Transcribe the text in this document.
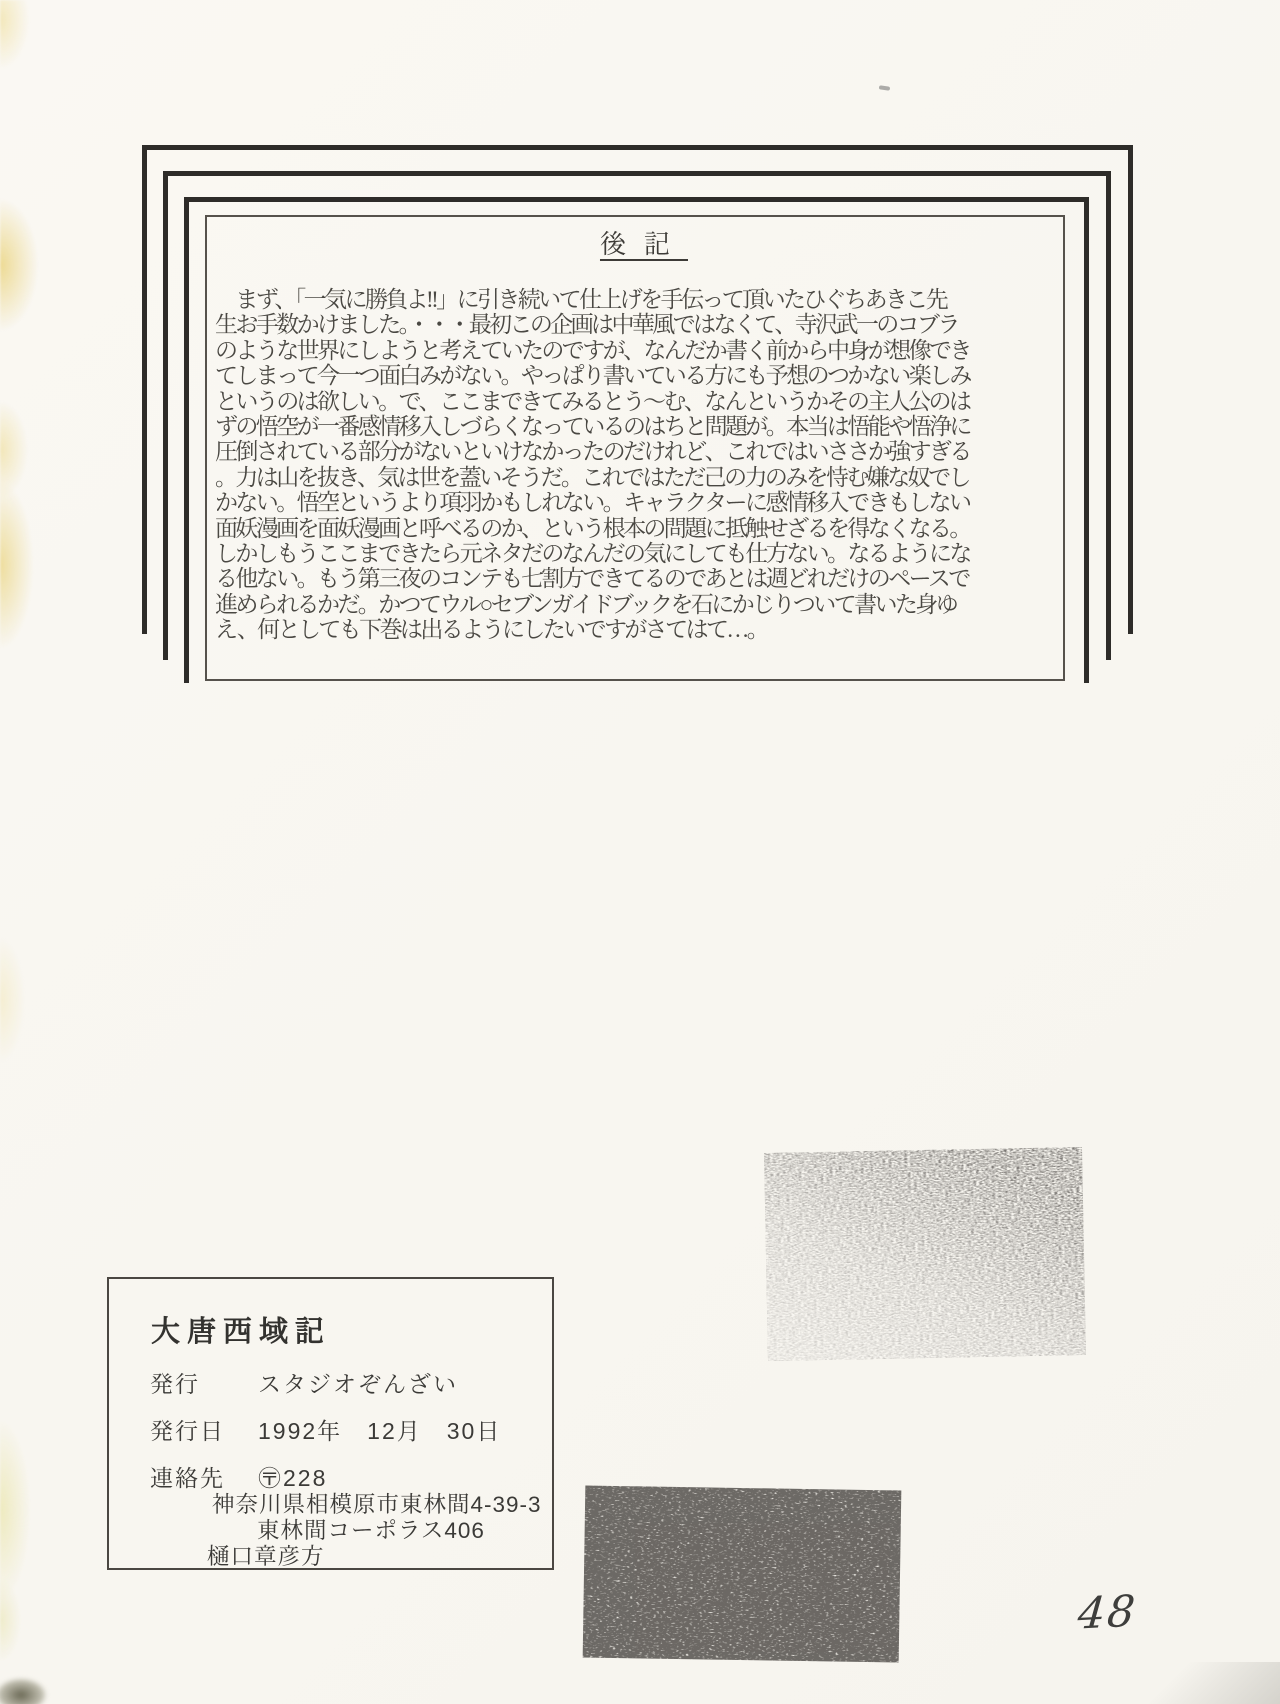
後記
　まず、「一気に勝負よ!!」に引き続いて仕上げを手伝って頂いたひぐちあきこ先
生お手数かけました。・・・最初この企画は中華風ではなくて、寺沢武一のコブラ
のような世界にしようと考えていたのですが、なんだか書く前から中身が想像でき
てしまって今一つ面白みがない。やっぱり書いている方にも予想のつかない楽しみ
というのは欲しい。で、ここまできてみるとう〜む、なんというかその主人公のは
ずの悟空が一番感情移入しづらくなっているのはちと問題が。本当は悟能や悟浄に
圧倒されている部分がないといけなかったのだけれど、これではいささか強すぎる
。力は山を抜き、気は世を蓋いそうだ。これではただ己の力のみを恃む嫌な奴でし
かない。悟空というより項羽かもしれない。キャラクターに感情移入できもしない
面妖漫画を面妖漫画と呼べるのか、という根本の問題に抵触せざるを得なくなる。
しかしもうここまできたら元ネタだのなんだの気にしても仕方ない。なるようにな
る他ない。もう第三夜のコンテも七割方できてるのであとは週どれだけのペースで
進められるかだ。かつてウル○セブンガイドブックを石にかじりついて書いた身ゆ
え、何としても下巻は出るようにしたいですがさてはて…。
大唐西域記
発行	スタジオぞんざい
発行日	1992年　12月　30日
連絡先	〶228
神奈川県相模原市東林間4-39-3
東林間コーポラス406
樋口章彦方
48
